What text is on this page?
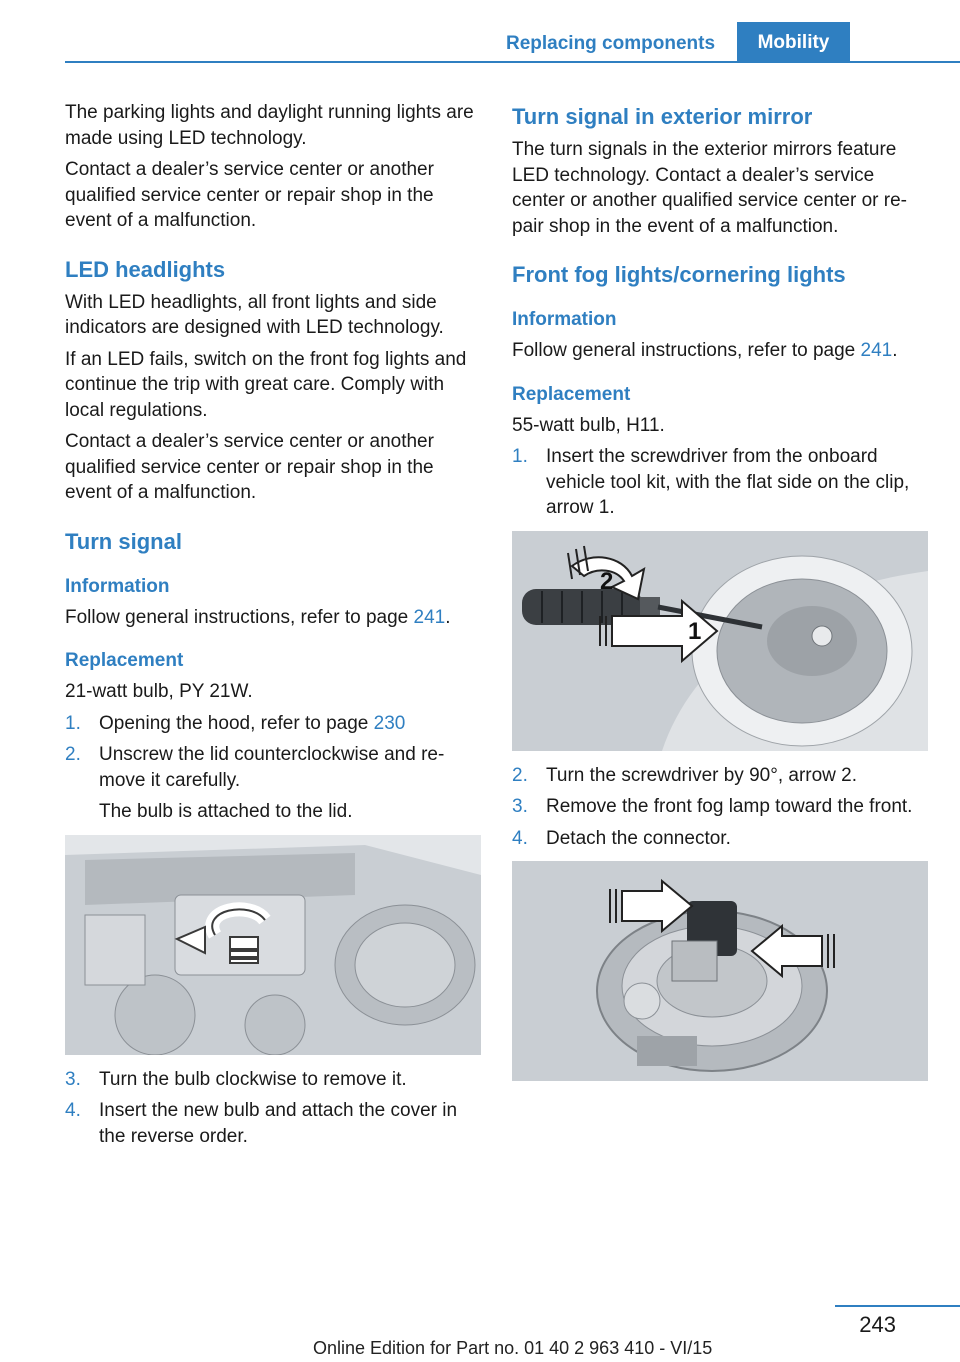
Replacing components	Mobility

The parking lights and daylight running lights are made using LED technology.

Contact a dealer’s service center or another qualified service center or repair shop in the event of a malfunction.

LED headlights

With LED headlights, all front lights and side indicators are designed with LED technology.

If an LED fails, switch on the front fog lights and continue the trip with great care. Comply with local regulations.

Contact a dealer’s service center or another qualified service center or repair shop in the event of a malfunction.

Turn signal
Information

Follow general instructions, refer to page 241.

Replacement

21-watt bulb, PY 21W.

1. Opening the hood, refer to page 230
2. Unscrew the lid counterclockwise and remove it carefully.

The bulb is attached to the lid.

3. Turn the bulb clockwise to remove it.
4. Insert the new bulb and attach the cover in the reverse order.
Turn signal in exterior mirror

The turn signals in the exterior mirrors feature LED technology. Contact a dealer’s service center or another qualified service center or repair shop in the event of a malfunction.

Front fog lights/cornering lights
Information

Follow general instructions, refer to page 241.

Replacement

55-watt bulb, H11.

1. Insert the screwdriver from the onboard vehicle tool kit, with the flat side on the clip, arrow 1.
1
2
2. Turn the screwdriver by 90°, arrow 2.
3. Remove the front fog lamp toward the front.
4. Detach the connector.
243
Online Edition for Part no. 01 40 2 963 410 - VI/15
